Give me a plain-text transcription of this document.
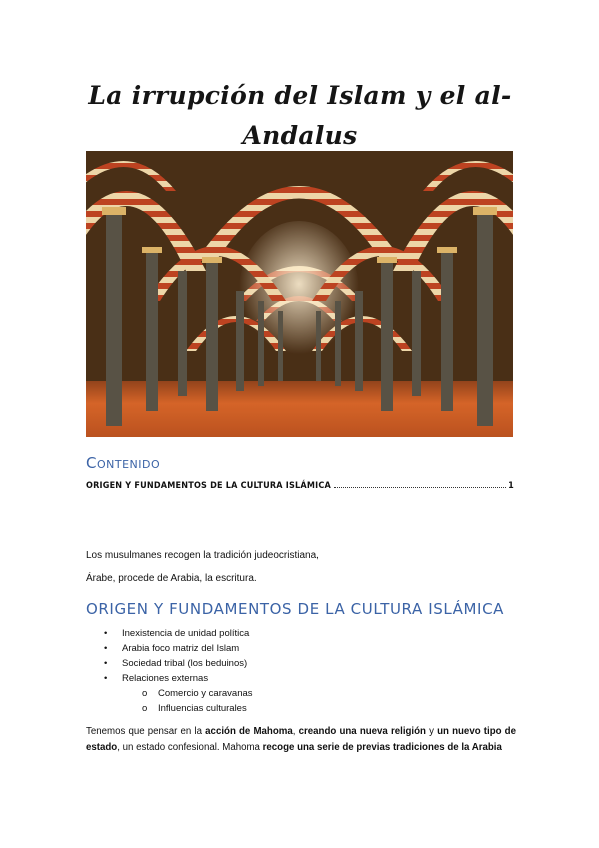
La irrupción del Islam y el al-Andalus
Contenido
ORIGEN Y FUNDAMENTOS DE LA CULTURA ISLÁMICA	1
Los musulmanes recogen la tradición judeocristiana,
Árabe, procede de Arabia, la escritura.
ORIGEN Y FUNDAMENTOS DE LA CULTURA ISLÁMICA
• Inexistencia de unidad política
• Arabia foco matriz del Islam
• Sociedad tribal (los beduinos)
• Relaciones externas
o Comercio y caravanas
o Influencias culturales
Tenemos que pensar en la acción de Mahoma, creando una nueva religión y un nuevo tipo de estado, un estado confesional. Mahoma recoge una serie de previas tradiciones de la Arabia
